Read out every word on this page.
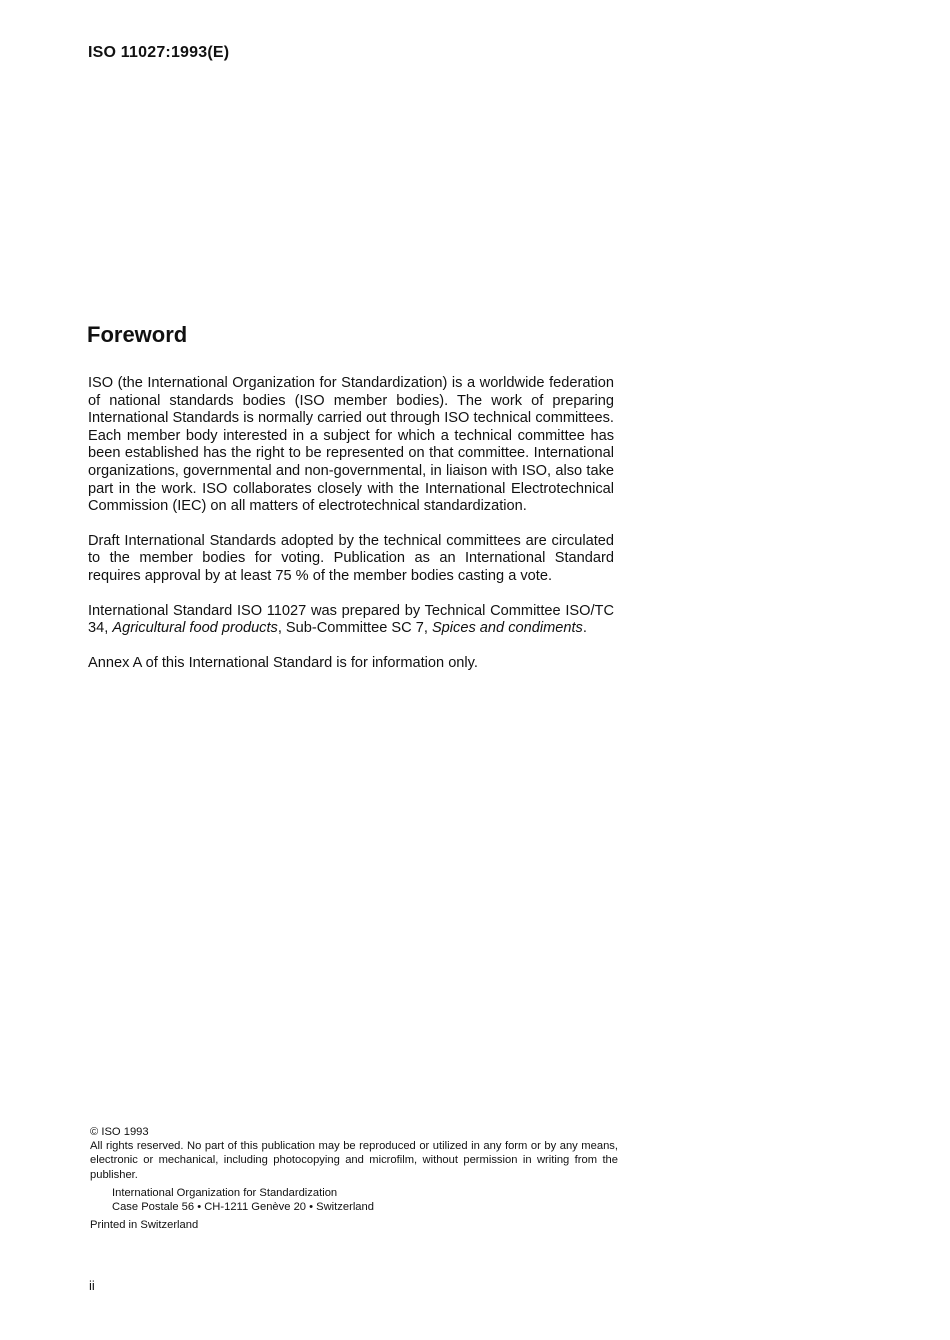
ISO 11027:1993(E)
Foreword

ISO (the International Organization for Standardization) is a worldwide federation of national standards bodies (ISO member bodies). The work of preparing International Standards is normally carried out through ISO technical committees. Each member body interested in a subject for which a technical committee has been established has the right to be represented on that committee. International organizations, governmental and non-governmental, in liaison with ISO, also take part in the work. ISO collaborates closely with the International Electrotechnical Commission (IEC) on all matters of electrotechnical standardization.

Draft International Standards adopted by the technical committees are circulated to the member bodies for voting. Publication as an International Standard requires approval by at least 75 % of the member bodies casting a vote.

International Standard ISO 11027 was prepared by Technical Committee ISO/TC 34, Agricultural food products, Sub-Committee SC 7, Spices and condiments.

Annex A of this International Standard is for information only.

© ISO 1993

All rights reserved. No part of this publication may be reproduced or utilized in any form or by any means, electronic or mechanical, including photocopying and microfilm, without permission in writing from the publisher.

International Organization for Standardization

Case Postale 56 • CH-1211 Genève 20 • Switzerland

Printed in Switzerland

ii
